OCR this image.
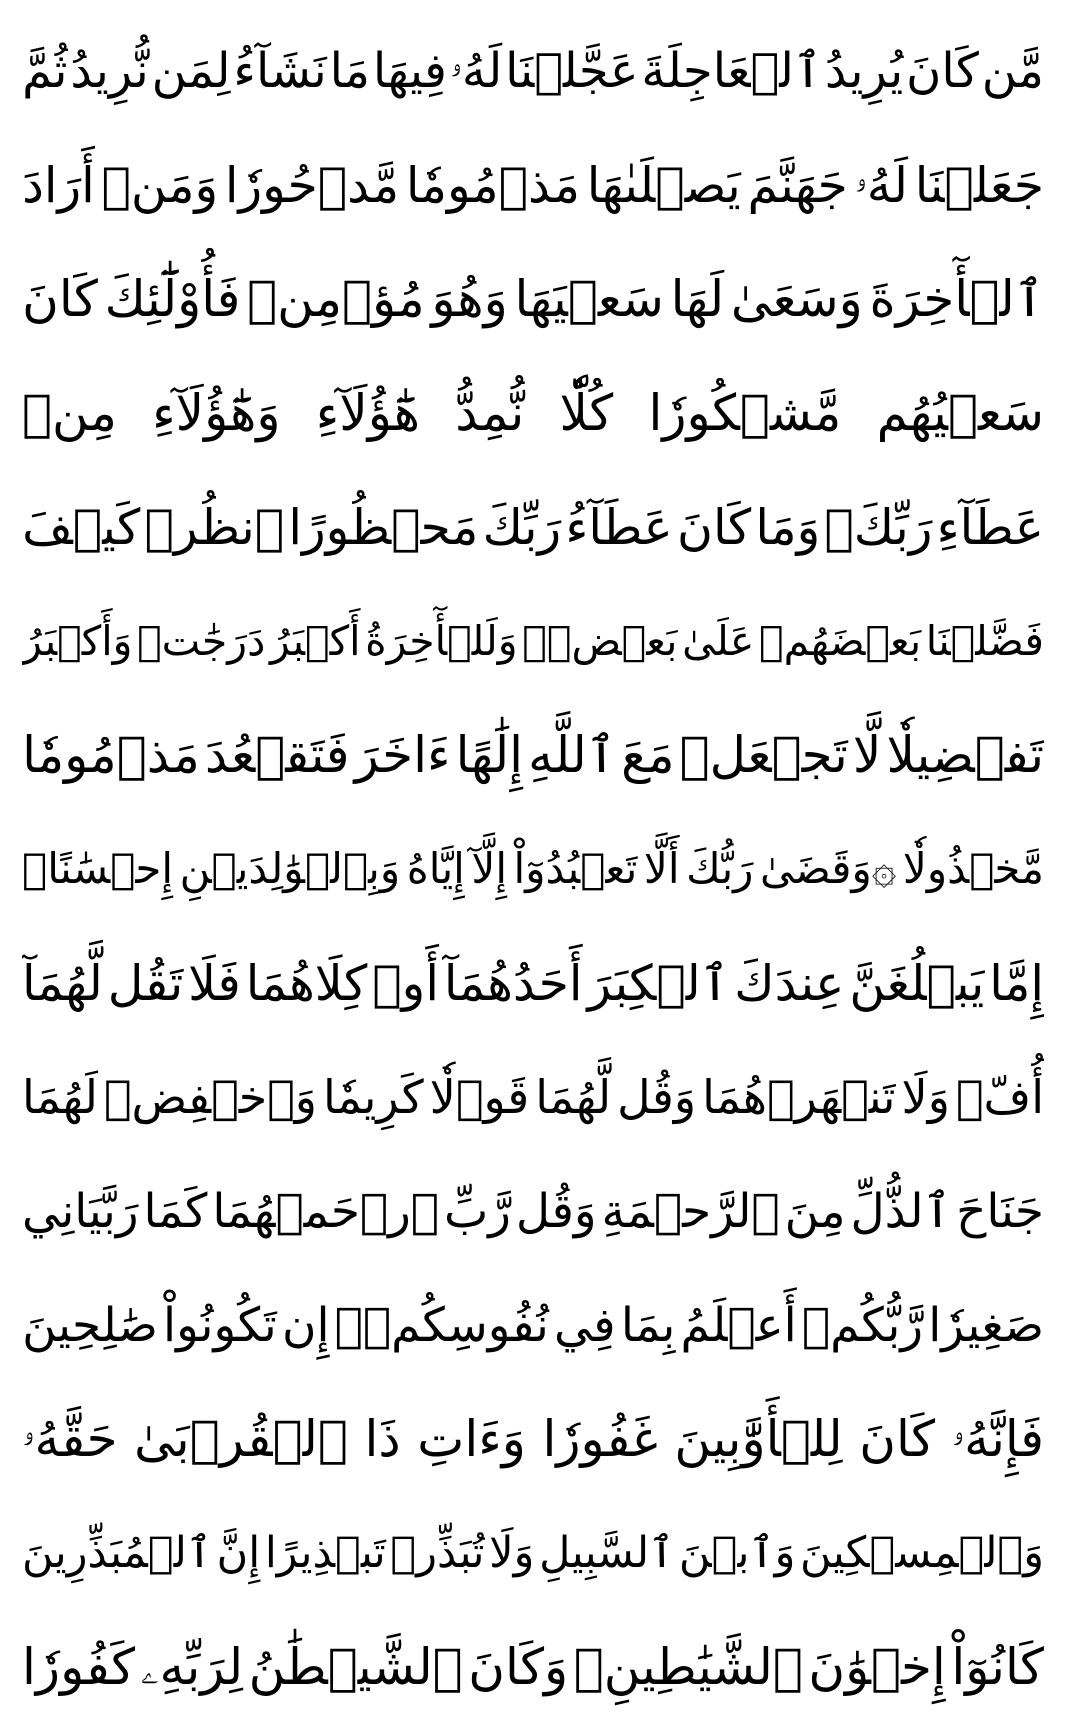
مَّن
كَانَ
يُرِيدُ
ٱلۡعَاجِلَةَ
عَجَّلۡنَا
لَهُۥ
فِيهَا
مَا
نَشَآءُ
لِمَن
نُّرِيدُ
ثُمَّ
جَعَلۡنَا
لَهُۥ
جَهَنَّمَ
يَصۡلَىٰهَا
مَذۡمُومٗا
مَّدۡحُورٗا
وَمَنۡ
أَرَادَ
ٱلۡأٓخِرَةَ
وَسَعَىٰ
لَهَا
سَعۡيَهَا
وَهُوَ
مُؤۡمِنٞ
فَأُوْلَٰٓئِكَ
كَانَ
سَعۡيُهُم
مَّشۡكُورٗا
كُلّٗا
نُّمِدُّ
هَٰٓؤُلَآءِ
وَهَٰٓؤُلَآءِ
مِنۡ
عَطَآءِ
رَبِّكَۚ
وَمَا
كَانَ
عَطَآءُ
رَبِّكَ
مَحۡظُورًا
ٱنظُرۡ
كَيۡفَ
فَضَّلۡنَا
بَعۡضَهُمۡ
عَلَىٰ
بَعۡضٖۚ
وَلَلۡأٓخِرَةُ
أَكۡبَرُ
دَرَجَٰتٖ
وَأَكۡبَرُ
تَفۡضِيلٗا
لَّا
تَجۡعَلۡ
مَعَ
ٱللَّهِ
إِلَٰهًا
ءَاخَرَ
فَتَقۡعُدَ
مَذۡمُومٗا
مَّخۡذُولٗا
۞وَقَضَىٰ
رَبُّكَ
أَلَّا
تَعۡبُدُوٓاْ
إِلَّآ
إِيَّاهُ
وَبِٱلۡوَٰلِدَيۡنِ
إِحۡسَٰنًاۚ
إِمَّا
يَبۡلُغَنَّ
عِندَكَ
ٱلۡكِبَرَ
أَحَدُهُمَآ
أَوۡ
كِلَاهُمَا
فَلَا
تَقُل
لَّهُمَآ
أُفّٖ
وَلَا
تَنۡهَرۡهُمَا
وَقُل
لَّهُمَا
قَوۡلٗا
كَرِيمٗا
وَٱخۡفِضۡ
لَهُمَا
جَنَاحَ
ٱلذُّلِّ
مِنَ
ٱلرَّحۡمَةِ
وَقُل
رَّبِّ
ٱرۡحَمۡهُمَا
كَمَا
رَبَّيَانِي
صَغِيرٗا
رَّبُّكُمۡ
أَعۡلَمُ
بِمَا
فِي
نُفُوسِكُمۡۚ
إِن
تَكُونُواْ
صَٰلِحِينَ
فَإِنَّهُۥ
كَانَ
لِلۡأَوَّٰبِينَ
غَفُورٗا
وَءَاتِ
ذَا
ٱلۡقُرۡبَىٰ
حَقَّهُۥ
وَٱلۡمِسۡكِينَ
وَٱبۡنَ
ٱلسَّبِيلِ
وَلَا
تُبَذِّرۡ
تَبۡذِيرًا
إِنَّ
ٱلۡمُبَذِّرِينَ
كَانُوٓاْ
إِخۡوَٰنَ
ٱلشَّيَٰطِينِۖ
وَكَانَ
ٱلشَّيۡطَٰنُ
لِرَبِّهِۦ
كَفُورٗا
